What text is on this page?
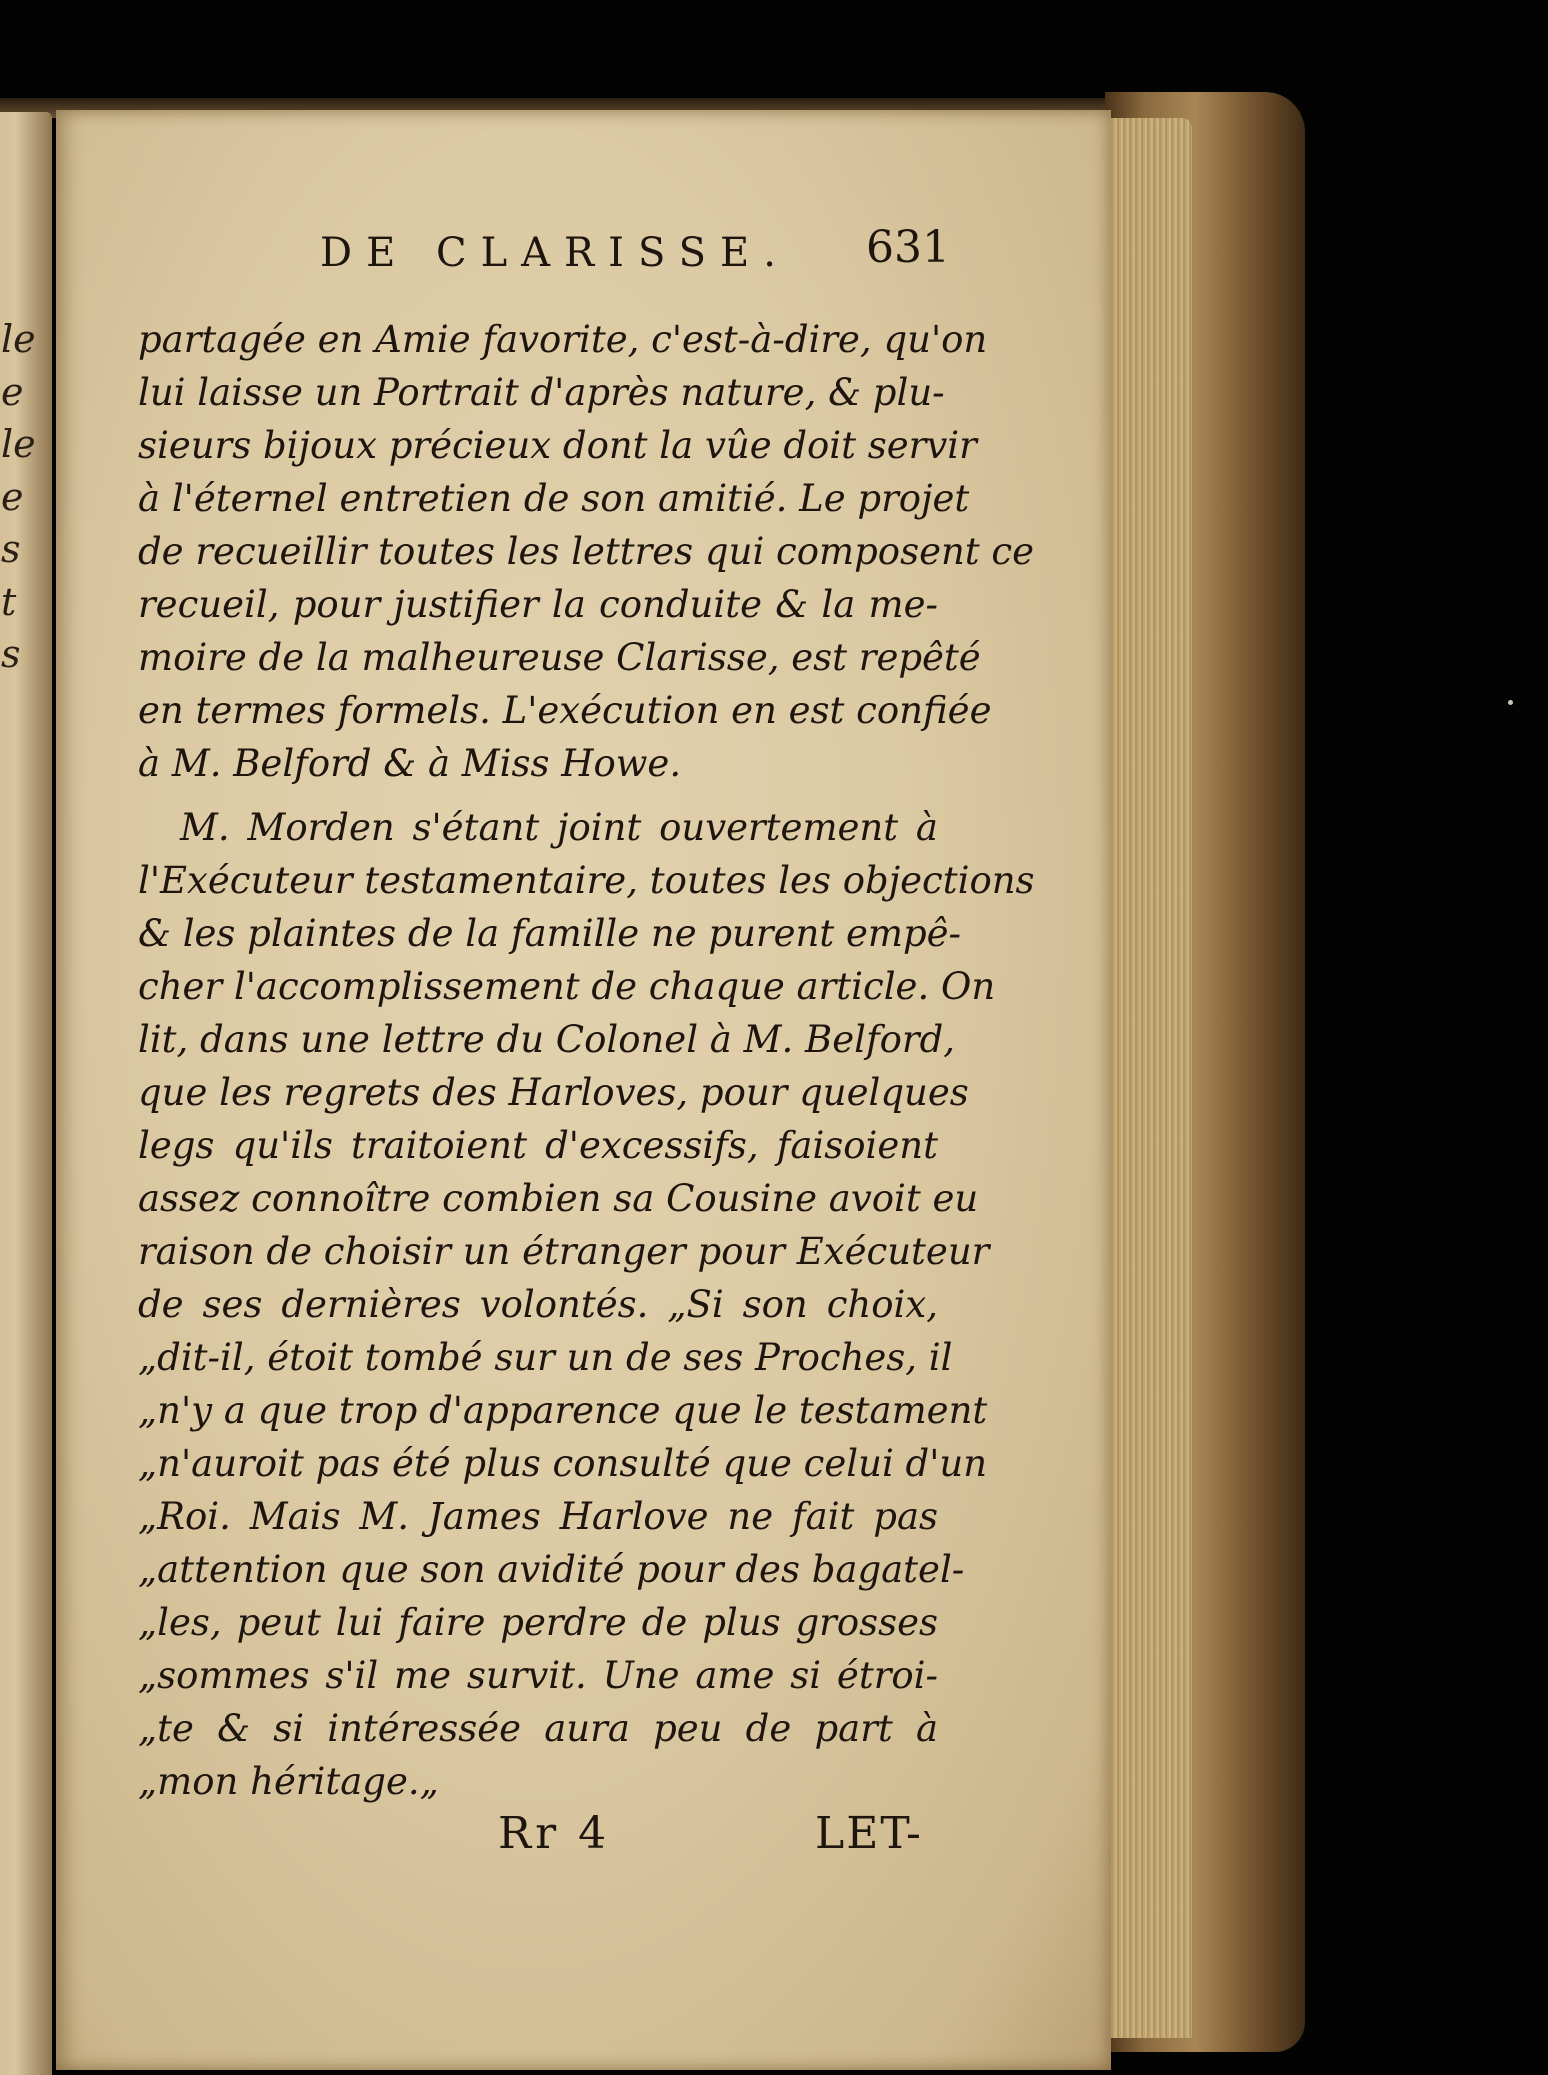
le
e
le
e
s
t
s
DE CLARISSE. 631
partagée en Amie favorite, c'est-à-dire, qu'on
lui laisse un Portrait d'après nature, & plu-
sieurs bijoux précieux dont la vûe doit servir
à l'éternel entretien de son amitié. Le projet
de recueillir toutes les lettres qui composent ce
recueil, pour justifier la conduite & la me-
moire de la malheureuse Clarisse, est repêté
en termes formels. L'exécution en est confiée
à M. Belford & à Miss Howe.
M. Morden s'étant joint ouvertement à
l'Exécuteur testamentaire, toutes les objections
& les plaintes de la famille ne purent empê-
cher l'accomplissement de chaque article. On
lit, dans une lettre du Colonel à M. Belford,
que les regrets des Harloves, pour quelques
legs qu'ils traitoient d'excessifs, faisoient
assez connoître combien sa Cousine avoit eu
raison de choisir un étranger pour Exécuteur
de ses dernières volontés. „Si son choix,
„dit-il, étoit tombé sur un de ses Proches, il
„n'y a que trop d'apparence que le testament
„n'auroit pas été plus consulté que celui d'un
„Roi. Mais M. James Harlove ne fait pas
„attention que son avidité pour des bagatel-
„les, peut lui faire perdre de plus grosses
„sommes s'il me survit. Une ame si étroi-
„te & si intéressée aura peu de part à
„mon héritage.„
Rr 4	LET-
